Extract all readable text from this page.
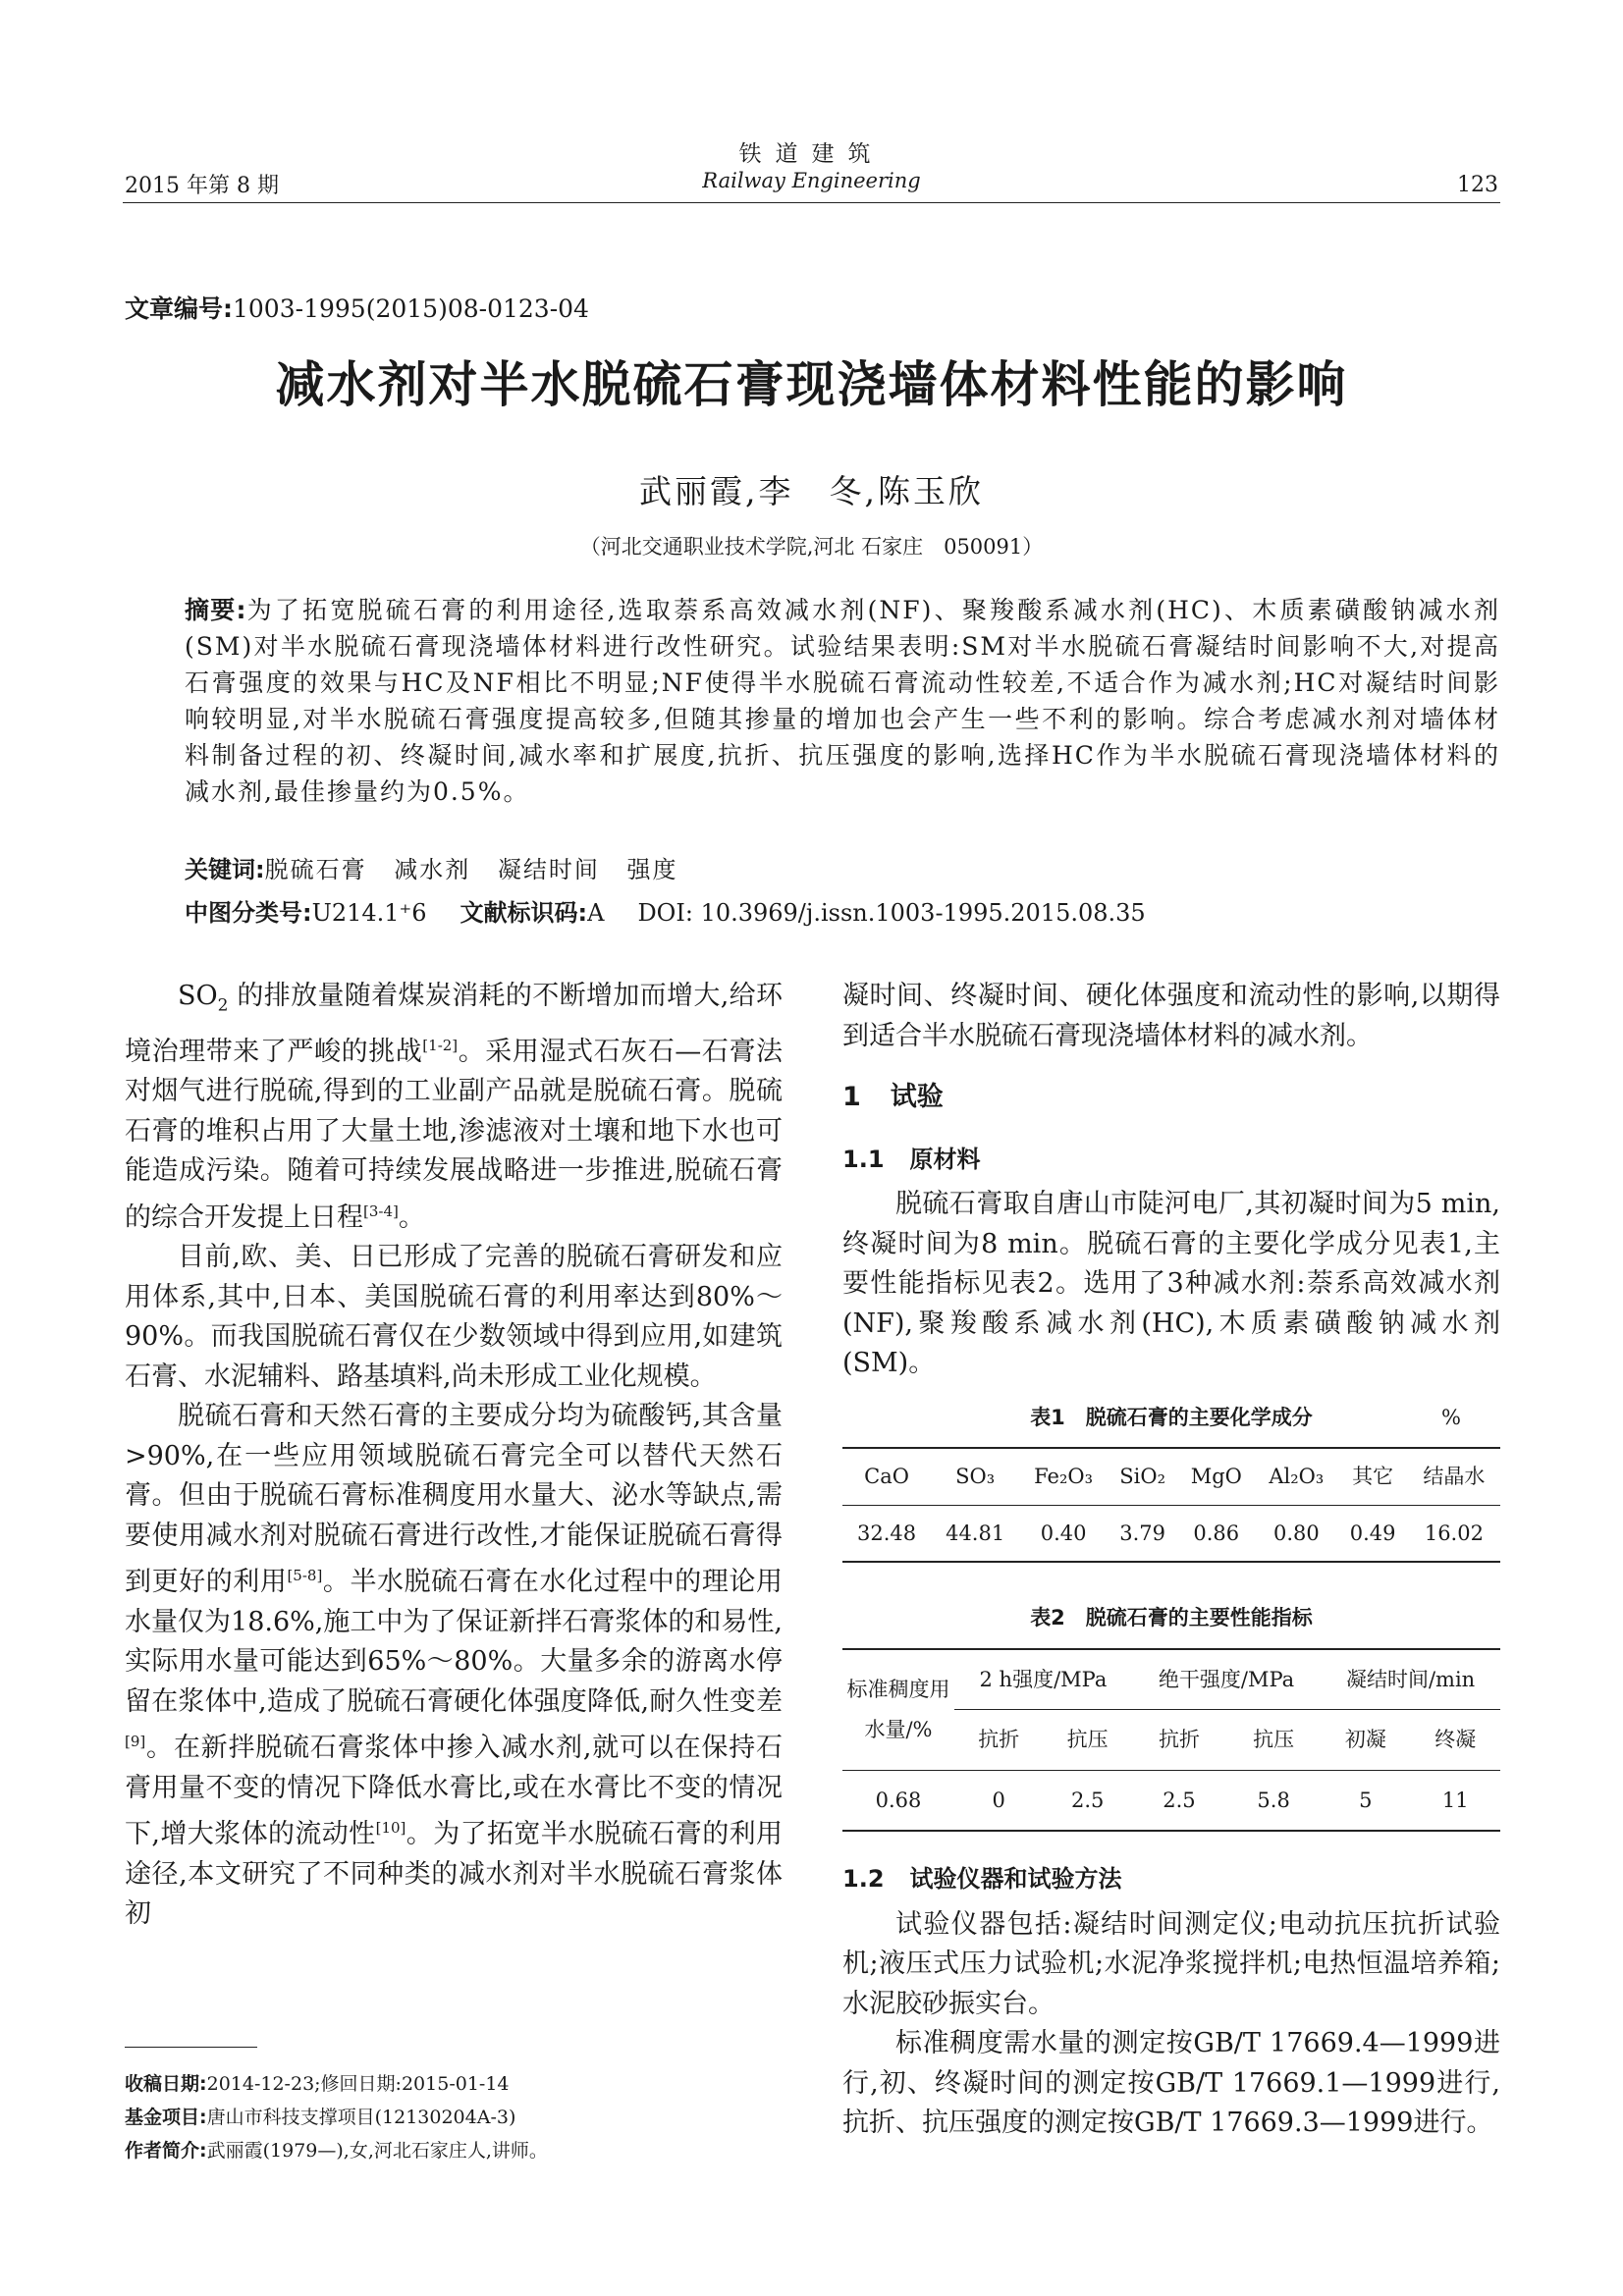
铁道建筑
Railway Engineering
2015 年第 8 期	123
文章编号:1003-1995(2015)08-0123-04
减水剂对半水脱硫石膏现浇墙体材料性能的影响
武丽霞,李　冬,陈玉欣
（河北交通职业技术学院,河北 石家庄　050091）
摘要:为了拓宽脱硫石膏的利用途径,选取萘系高效减水剂(NF)、聚羧酸系减水剂(HC)、木质素磺酸钠减水剂(SM)对半水脱硫石膏现浇墙体材料进行改性研究。试验结果表明:SM对半水脱硫石膏凝结时间影响不大,对提高石膏强度的效果与HC及NF相比不明显;NF使得半水脱硫石膏流动性较差,不适合作为减水剂;HC对凝结时间影响较明显,对半水脱硫石膏强度提高较多,但随其掺量的增加也会产生一些不利的影响。综合考虑减水剂对墙体材料制备过程的初、终凝时间,减水率和扩展度,抗折、抗压强度的影响,选择HC作为半水脱硫石膏现浇墙体材料的减水剂,最佳掺量约为0.5%。
关键词:脱硫石膏 减水剂 凝结时间 强度
中图分类号:U214.1⁺6 文献标识码:A DOI: 10.3969/j.issn.1003-1995.2015.08.35

$SO_2$ 的排放量随着煤炭消耗的不断增加而增大,给环境治理带来了严峻的挑战[1-2]。采用湿式石灰石—石膏法对烟气进行脱硫,得到的工业副产品就是脱硫石膏。脱硫石膏的堆积占用了大量土地,渗滤液对土壤和地下水也可能造成污染。随着可持续发展战略进一步推进,脱硫石膏的综合开发提上日程[3-4]。

目前,欧、美、日已形成了完善的脱硫石膏研发和应用体系,其中,日本、美国脱硫石膏的利用率达到80%～90%。而我国脱硫石膏仅在少数领域中得到应用,如建筑石膏、水泥辅料、路基填料,尚未形成工业化规模。

脱硫石膏和天然石膏的主要成分均为硫酸钙,其含量>90%,在一些应用领域脱硫石膏完全可以替代天然石膏。但由于脱硫石膏标准稠度用水量大、泌水等缺点,需要使用减水剂对脱硫石膏进行改性,才能保证脱硫石膏得到更好的利用[5-8]。半水脱硫石膏在水化过程中的理论用水量仅为18.6%,施工中为了保证新拌石膏浆体的和易性,实际用水量可能达到65%～80%。大量多余的游离水停留在浆体中,造成了脱硫石膏硬化体强度降低,耐久性变差[9]。在新拌脱硫石膏浆体中掺入减水剂,就可以在保持石膏用量不变的情况下降低水膏比,或在水膏比不变的情况下,增大浆体的流动性[10]。为了拓宽半水脱硫石膏的利用途径,本文研究了不同种类的减水剂对半水脱硫石膏浆体初

凝时间、终凝时间、硬化体强度和流动性的影响,以期得到适合半水脱硫石膏现浇墙体材料的减水剂。

1 试验
1.1 原材料

脱硫石膏取自唐山市陡河电厂,其初凝时间为5 min,终凝时间为8 min。脱硫石膏的主要化学成分见表1,主要性能指标见表2。选用了3种减水剂:萘系高效减水剂(NF),聚羧酸系减水剂(HC),木质素磺酸钠减水剂(SM)。

表1　脱硫石膏的主要化学成分	%
CaO	SO₃	Fe₂O₃	SiO₂	MgO	Al₂O₃	其它	结晶水
32.48	44.81	0.40	3.79	0.86	0.80	0.49	16.02
表2　脱硫石膏的主要性能指标
标准稠度用水量/%	2 h强度/MPa		绝干强度/MPa		凝结时间/min	
	抗折	抗压	抗折	抗压	初凝	终凝
0.68	0	2.5	2.5	5.8	5	11
1.2 试验仪器和试验方法

试验仪器包括:凝结时间测定仪;电动抗压抗折试验机;液压式压力试验机;水泥净浆搅拌机;电热恒温培养箱;水泥胶砂振实台。

标准稠度需水量的测定按GB/T 17669.4—1999进行,初、终凝时间的测定按GB/T 17669.1—1999进行,抗折、抗压强度的测定按GB/T 17669.3—1999进行。

收稿日期:2014-12-23;修回日期:2015-01-14
基金项目:唐山市科技支撑项目(12130204A-3)
作者简介:武丽霞(1979—),女,河北石家庄人,讲师。
